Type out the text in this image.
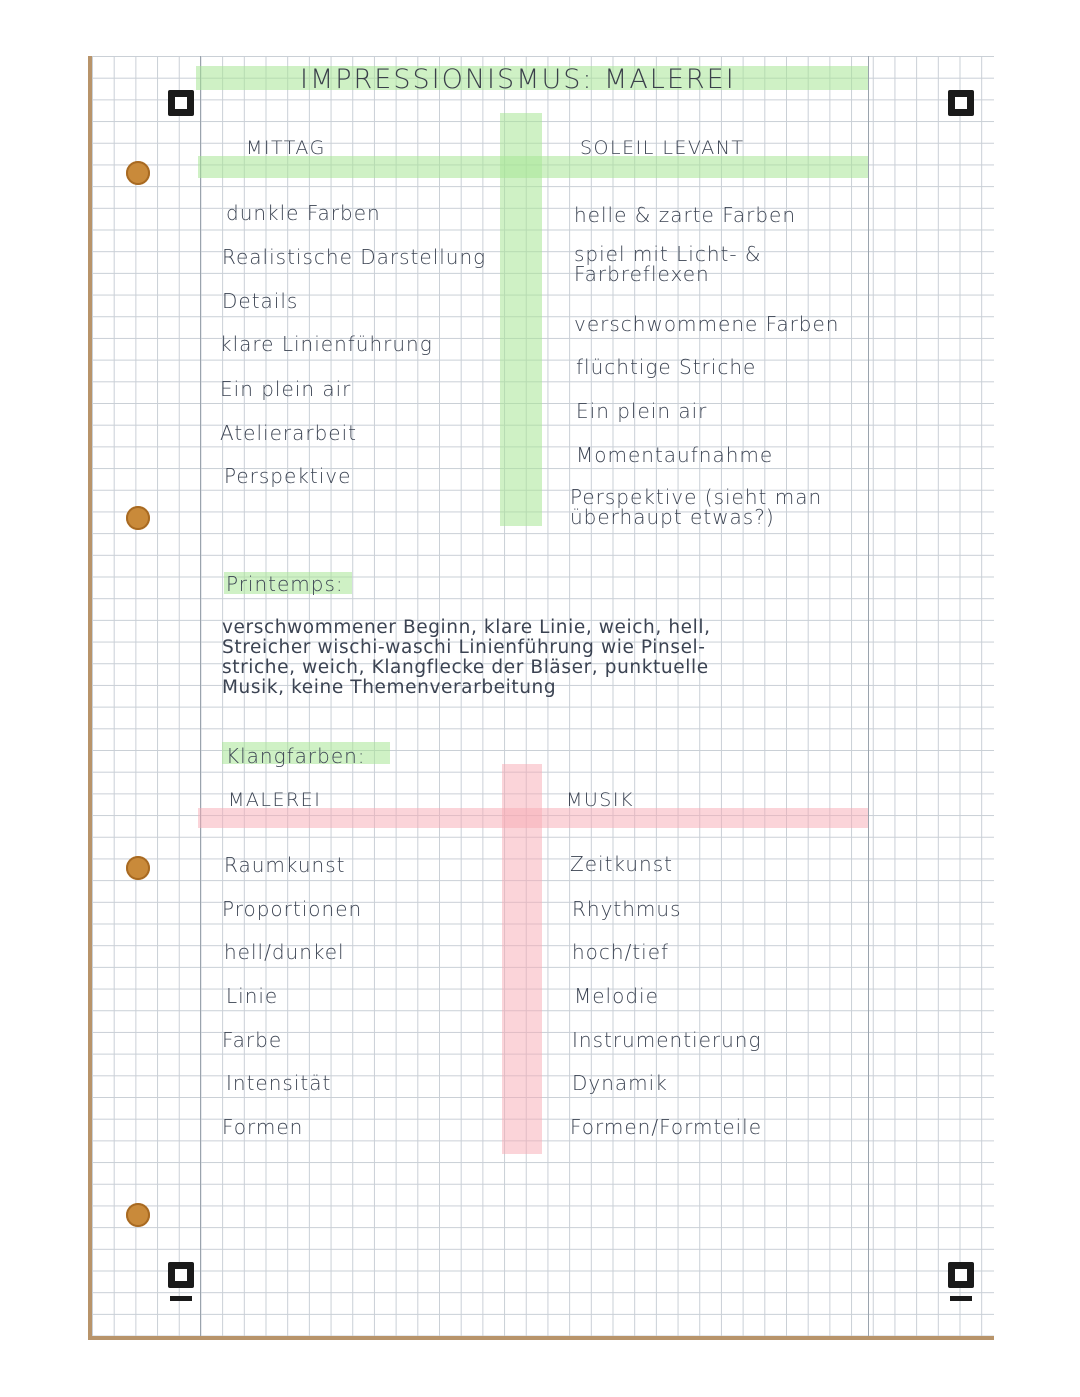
IMPRESSIONISMUS: MALEREI
MITTAG	SOLEIL LEVANT
dunkle Farben
Realistische Darstellung
Details
klare Linienführung
Ein plein air
Atelierarbeit
Perspektive
helle & zarte Farben
spiel mit Licht- &
Farbreflexen
verschwommene Farben
flüchtige Striche
Ein plein air
Momentaufnahme
Perspektive (sieht man
überhaupt etwas?)
Printemps:
verschwommener Beginn, klare Linie, weich, hell,
Streicher wischi-waschi Linienführung wie Pinsel-
striche, weich, Klangflecke der Bläser, punktuelle
Musik, keine Themenverarbeitung
Klangfarben:
MALEREI	MUSIK
Raumkunst
Proportionen
hell/dunkel
Linie
Farbe
Intensität
Formen
Zeitkunst
Rhythmus
hoch/tief
Melodie
Instrumentierung
Dynamik
Formen/Formteile
